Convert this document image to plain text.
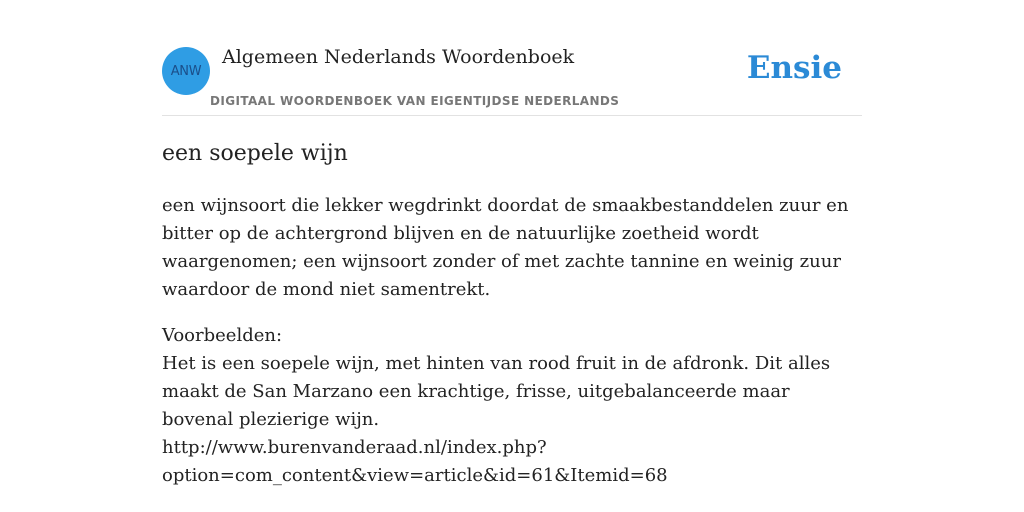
ANW
Algemeen Nederlands Woordenboek
DIGITAAL WOORDENBOEK VAN EIGENTIJDSE NEDERLANDS
Ensie
een soepele wijn

een wijnsoort die lekker wegdrinkt doordat de smaakbestanddelen zuur en bitter op de achtergrond blijven en de natuurlijke zoetheid wordt waargenomen; een wijnsoort zonder of met zachte tannine en weinig zuur waardoor de mond niet samentrekt.

Voorbeelden:
Het is een soepele wijn, met hinten van rood fruit in de afdronk. Dit alles maakt de San Marzano een krachtige, frisse, uitgebalanceerde maar bovenal plezierige wijn.
http://www.burenvanderaad.nl/index.php?
option=com_content&view=article&id=61&Itemid=68
